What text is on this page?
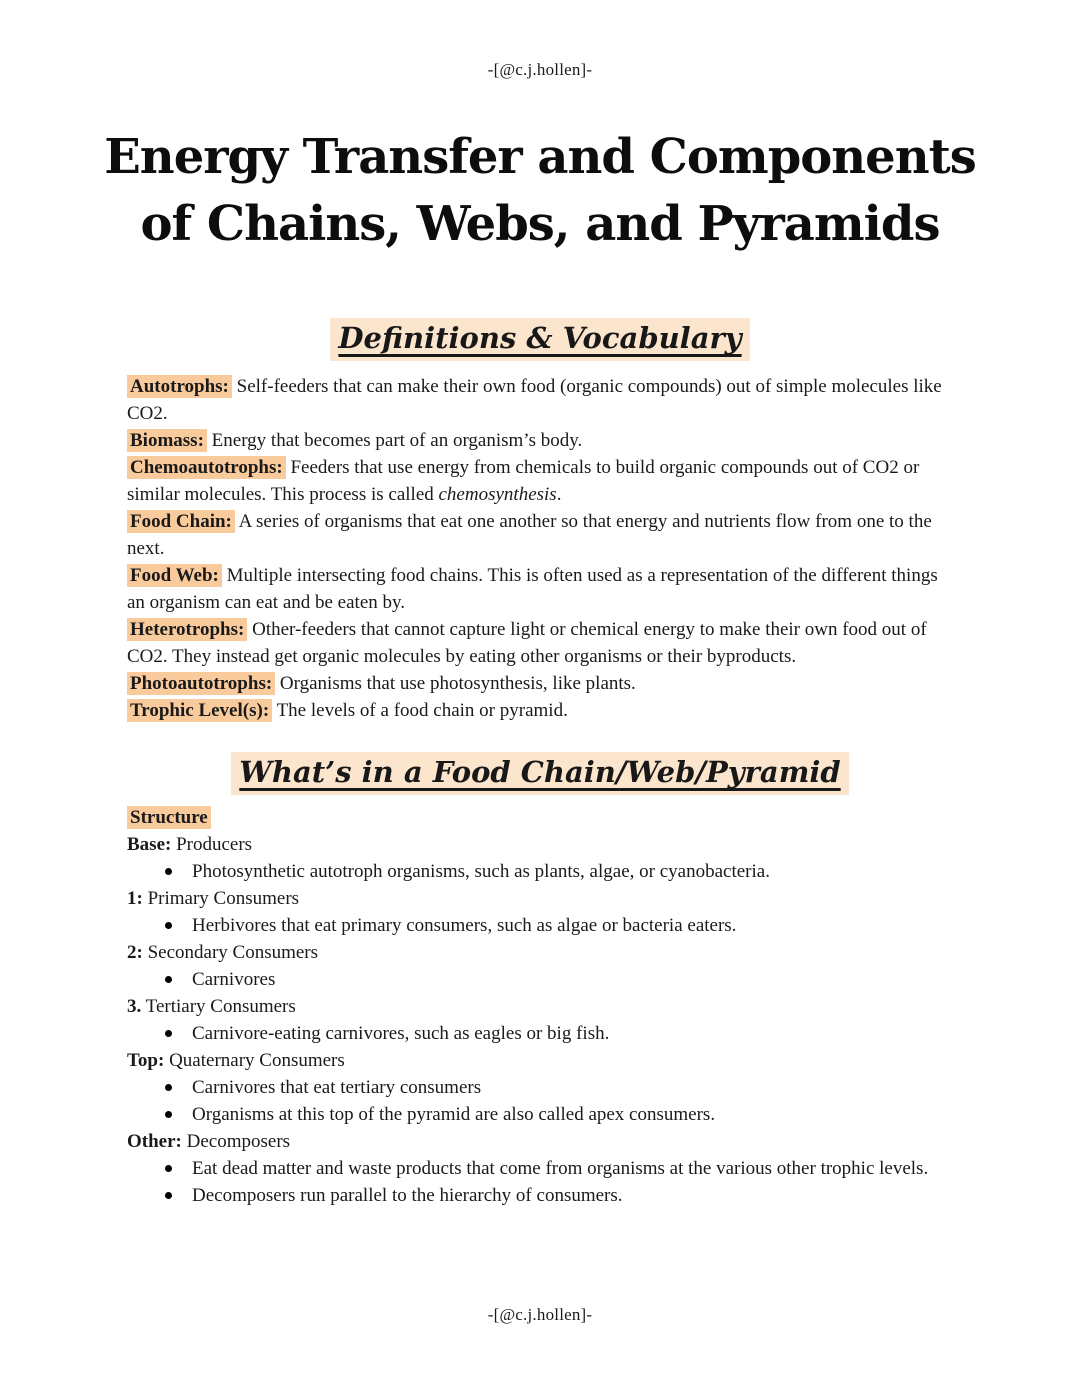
-[@c.j.hollen]-
Energy Transfer and Components
of Chains, Webs, and Pyramids
Definitions & Vocabulary

Autotrophs: Self-feeders that can make their own food (organic compounds) out of simple molecules like CO2.

Biomass: Energy that becomes part of an organism’s body.

Chemoautotrophs: Feeders that use energy from chemicals to build organic compounds out of CO2 or similar molecules. This process is called chemosynthesis.

Food Chain: A series of organisms that eat one another so that energy and nutrients flow from one to the next.

Food Web: Multiple intersecting food chains. This is often used as a representation of the different things an organism can eat and be eaten by.

Heterotrophs: Other-feeders that cannot capture light or chemical energy to make their own food out of CO2. They instead get organic molecules by eating other organisms or their byproducts.

Photoautotrophs: Organisms that use photosynthesis, like plants.

Trophic Level(s): The levels of a food chain or pyramid.

What’s in a Food Chain/Web/Pyramid

Structure

Base: Producers

Photosynthetic autotroph organisms, such as plants, algae, or cyanobacteria.

1: Primary Consumers

Herbivores that eat primary consumers, such as algae or bacteria eaters.

2: Secondary Consumers

Carnivores

3. Tertiary Consumers

Carnivore-eating carnivores, such as eagles or big fish.

Top: Quaternary Consumers

Carnivores that eat tertiary consumers
Organisms at this top of the pyramid are also called apex consumers.

Other: Decomposers

Eat dead matter and waste products that come from organisms at the various other trophic levels.
Decomposers run parallel to the hierarchy of consumers.
-[@c.j.hollen]-
